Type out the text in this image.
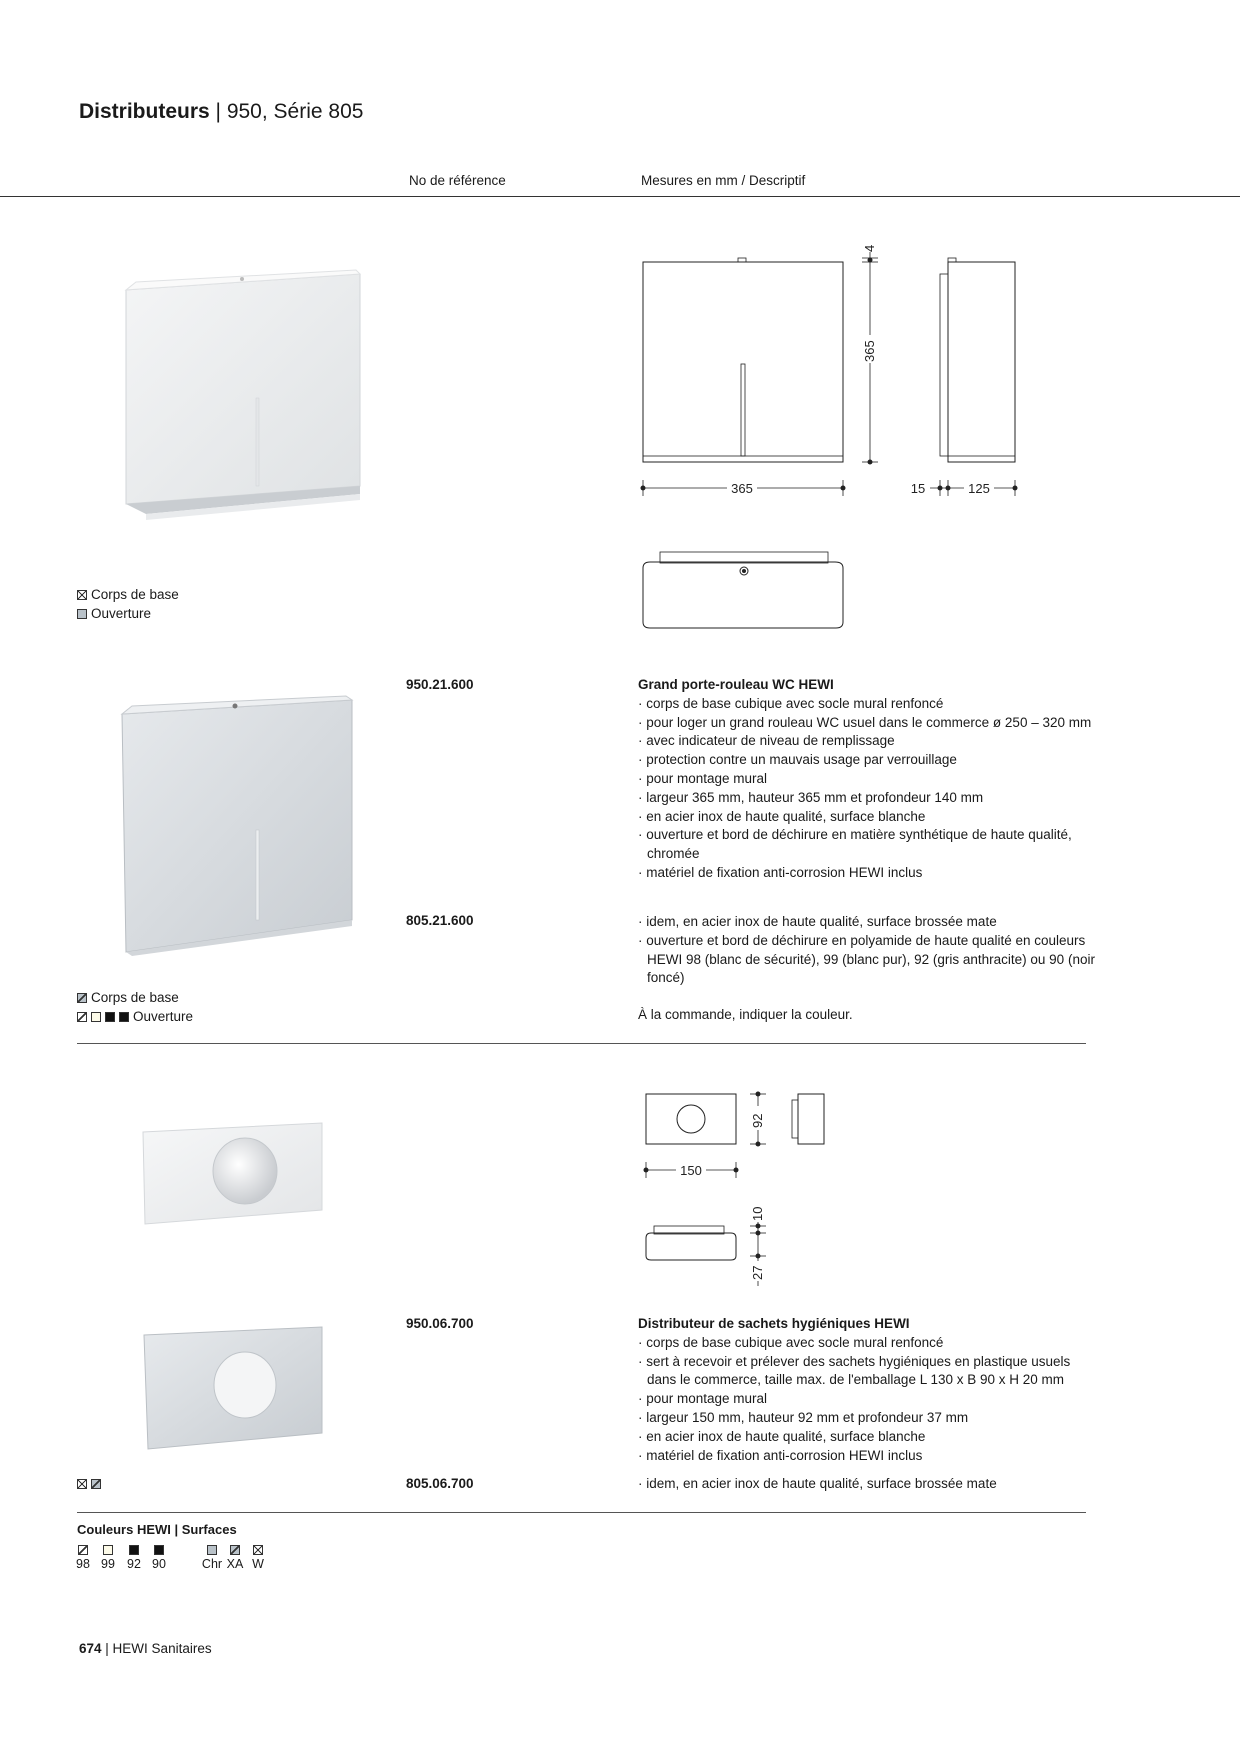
Distributeurs | 950, Série 805
No de référence	Mesures en mm / Descriptif
Corps de base
Ouverture
365
4
365	15	125
950.21.600	Grand porte-rouleau WC HEWI
· corps de base cubique avec socle mural renfoncé
· pour loger un grand rouleau WC usuel dans le commerce ø 250 – 320 mm
· avec indicateur de niveau de remplissage
· protection contre un mauvais usage par verrouillage
· pour montage mural
· largeur 365 mm, hauteur 365 mm et profondeur 140 mm
· en acier inox de haute qualité, surface blanche
· ouverture et bord de déchirure en matière synthétique de haute qualité, chromée
· matériel de fixation anti-corrosion HEWI inclus
805.21.600	· idem, en acier inox de haute qualité, surface brossée mate
· ouverture et bord de déchirure en polyamide de haute qualité en couleurs HEWI 98 (blanc de sécurité), 99 (blanc pur), 92 (gris anthracite) ou 90 (noir foncé)
À la commande, indiquer la couleur.
Corps de base
Ouverture
92
150
10
27
950.06.700	Distributeur de sachets hygiéniques HEWI
· corps de base cubique avec socle mural renfoncé
· sert à recevoir et prélever des sachets hygiéniques en plastique usuels dans le commerce, taille max. de l'emballage L 130 x B 90 x H 20 mm
· pour montage mural
· largeur 150 mm, hauteur 92 mm et profondeur 37 mm
· en acier inox de haute qualité, surface blanche
· matériel de fixation anti-corrosion HEWI inclus
805.06.700	· idem, en acier inox de haute qualité, surface brossée mate
Couleurs HEWI | Surfaces
98 99 92 90	Chr XA W
674 | HEWI Sanitaires
